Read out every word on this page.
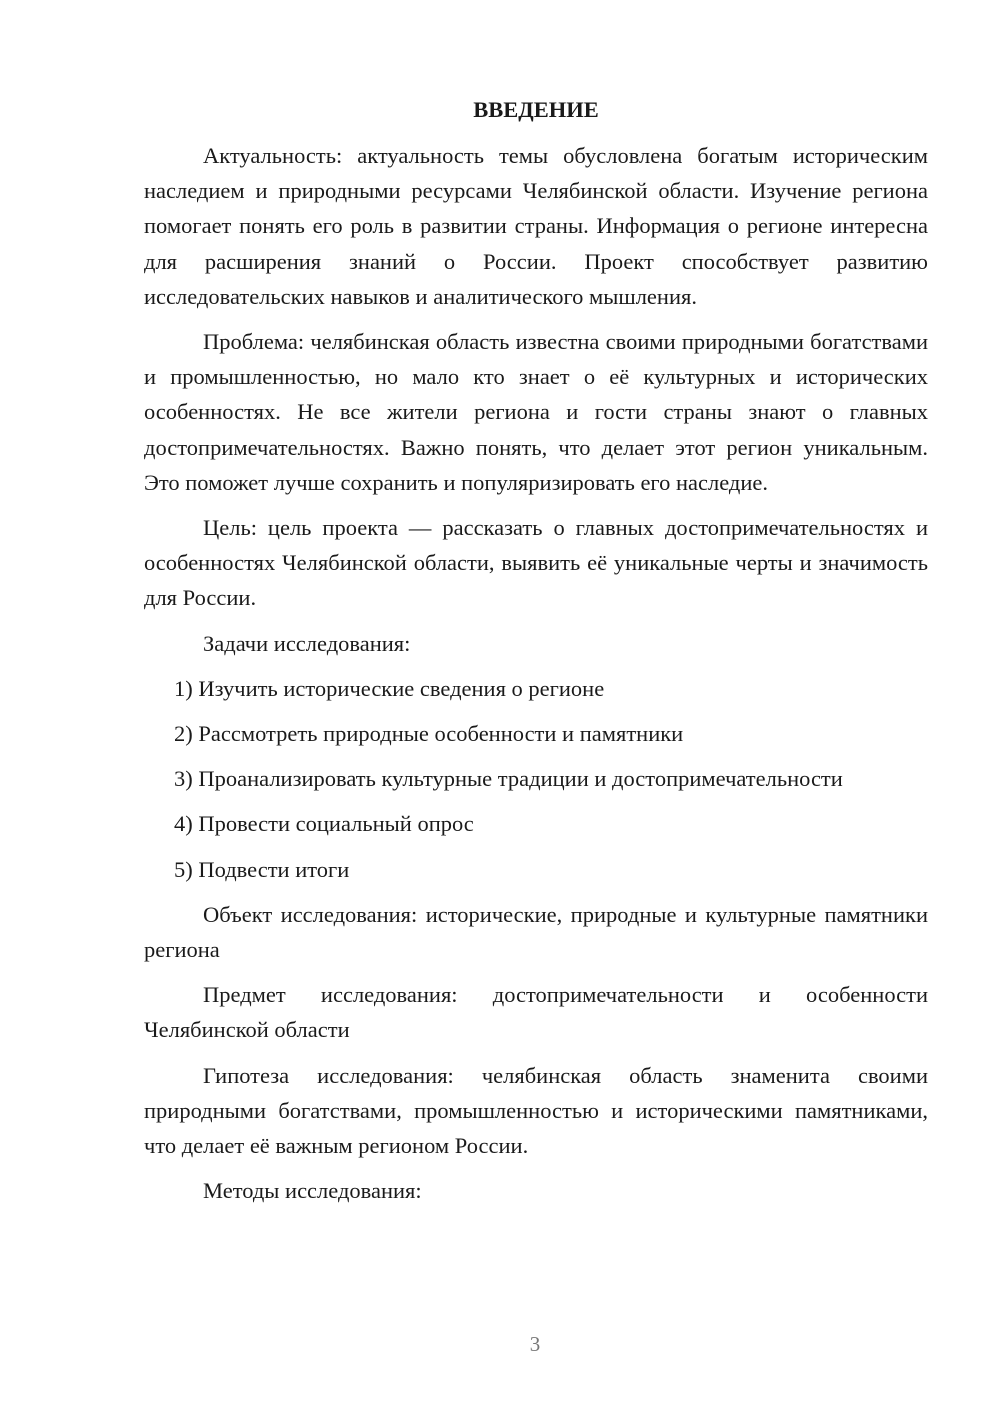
ВВЕДЕНИЕ

Актуальность: актуальность темы обусловлена богатым историческим наследием и природными ресурсами Челябинской области. Изучение региона помогает понять его роль в развитии страны. Информация о регионе интересна для расширения знаний о России. Проект способствует развитию исследовательских навыков и аналитического мышления.

Проблема: челябинская область известна своими природными богатствами и промышленностью, но мало кто знает о её культурных и исторических особенностях. Не все жители региона и гости страны знают о главных достопримечательностях. Важно понять, что делает этот регион уникальным. Это поможет лучше сохранить и популяризировать его наследие.

Цель: цель проекта — рассказать о главных достопримечательностях и особенностях Челябинской области, выявить её уникальные черты и значимость для России.

Задачи исследования:

1) Изучить исторические сведения о регионе
2) Рассмотреть природные особенности и памятники
3) Проанализировать культурные традиции и достопримечательности
4) Провести социальный опрос
5) Подвести итоги

Объект исследования: исторические, природные и культурные памятники региона

Предмет исследования: достопримечательности и особенности Челябинской области

Гипотеза исследования: челябинская область знаменита своими природными богатствами, промышленностью и историческими памятниками, что делает её важным регионом России.

Методы исследования:

3
